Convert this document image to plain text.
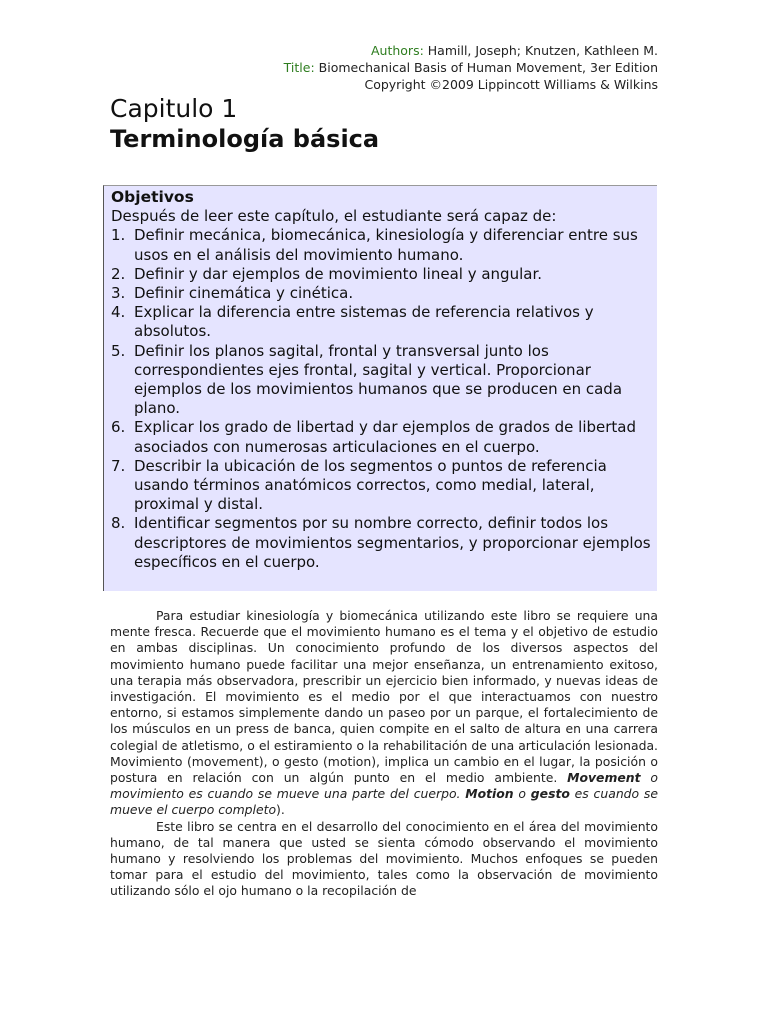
Authors: Hamill, Joseph; Knutzen, Kathleen M.
Title: Biomechanical Basis of Human Movement, 3er Edition
Copyright ©2009 Lippincott Williams & Wilkins
Capitulo 1
Terminología básica
Objetivos
Después de leer este capítulo, el estudiante será capaz de:
1. Definir mecánica, biomecánica, kinesiología y diferenciar entre sus usos en el análisis del movimiento humano.
2. Definir y dar ejemplos de movimiento lineal y angular.
3. Definir cinemática y cinética.
4. Explicar la diferencia entre sistemas de referencia relativos y absolutos.
5. Definir los planos sagital, frontal y transversal junto los correspondientes ejes frontal, sagital y vertical. Proporcionar ejemplos de los movimientos humanos que se producen en cada plano.
6. Explicar los grado de libertad y dar ejemplos de grados de libertad asociados con numerosas articulaciones en el cuerpo.
7. Describir la ubicación de los segmentos o puntos de referencia usando términos anatómicos correctos, como medial, lateral, proximal y distal.
8. Identificar segmentos por su nombre correcto, definir todos los descriptores de movimientos segmentarios, y proporcionar ejemplos específicos en el cuerpo.

Para estudiar kinesiología y biomecánica utilizando este libro se requiere una mente fresca. Recuerde que el movimiento humano es el tema y el objetivo de estudio en ambas disciplinas. Un conocimiento profundo de los diversos aspectos del movimiento humano puede facilitar una mejor enseñanza, un entrenamiento exitoso, una terapia más observadora, prescribir un ejercicio bien informado, y nuevas ideas de investigación. El movimiento es el medio por el que interactuamos con nuestro entorno, si estamos simplemente dando un paseo por un parque, el fortalecimiento de los músculos en un press de banca, quien compite en el salto de altura en una carrera colegial de atletismo, o el estiramiento o la rehabilitación de una articulación lesionada. Movimiento (movement), o gesto (motion), implica un cambio en el lugar, la posición o postura en relación con un algún punto en el medio ambiente. Movement o movimiento es cuando se mueve una parte del cuerpo. Motion o gesto es cuando se mueve el cuerpo completo).

Este libro se centra en el desarrollo del conocimiento en el área del movimiento humano, de tal manera que usted se sienta cómodo observando el movimiento humano y resolviendo los problemas del movimiento. Muchos enfoques se pueden tomar para el estudio del movimiento, tales como la observación de movimiento utilizando sólo el ojo humano o la recopilación de
